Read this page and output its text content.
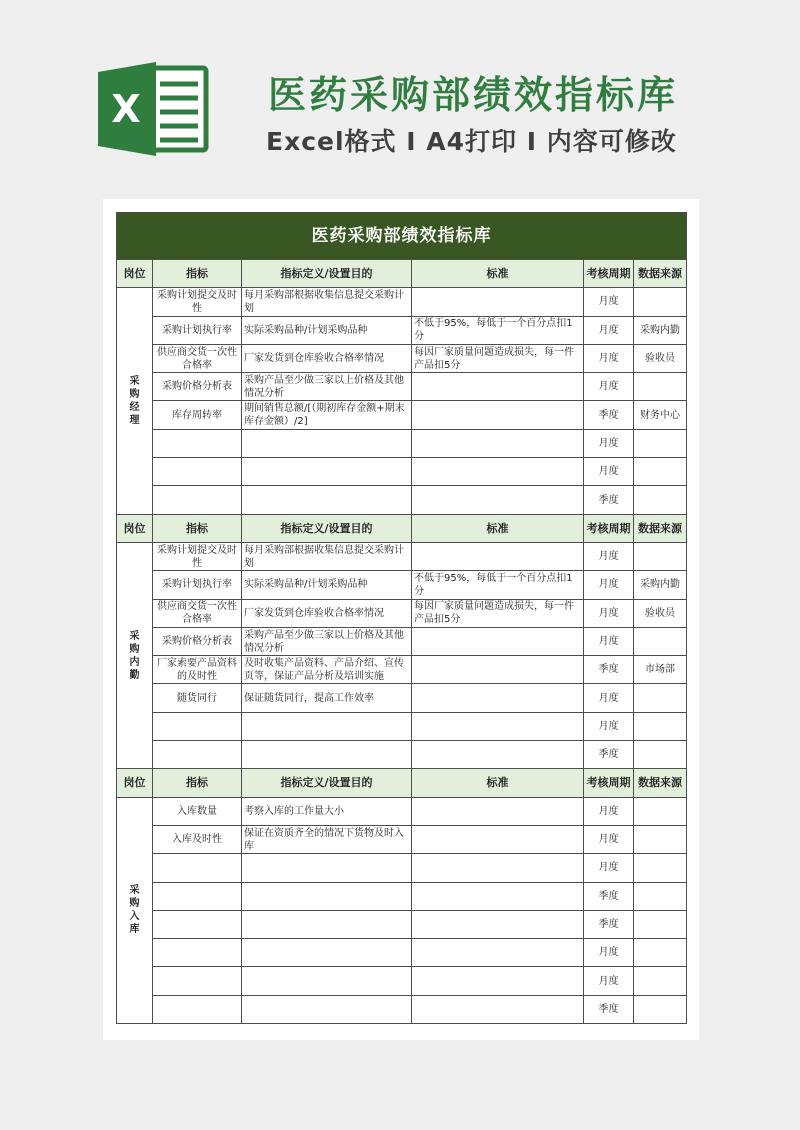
X	医药采购部绩效指标库
Excel格式 I A4打印 I 内容可修改
医药采购部绩效指标库					
岗位	指标	指标定义/设置目的	标准	考核周期	数据来源

采
购
经
理	采购计划提交及时性	每月采购部根据收集信息提交采购计划		月度	
	采购计划执行率	实际采购品种/计划采购品种	不低于95%，每低于一个百分点扣1分	月度	采购内勤
	供应商交货一次性合格率	厂家发货到仓库验收合格率情况	每因厂家质量问题造成损失，每一件产品扣5分	月度	验收员
	采购价格分析表	采购产品至少做三家以上价格及其他情况分析		月度	
	库存周转率	期间销售总额/[（期初库存金额+期末库存金额）/2]		季度	财务中心
				月度	
				月度	
				季度	
岗位	指标	指标定义/设置目的	标准	考核周期	数据来源

采
购
内
勤	采购计划提交及时性	每月采购部根据收集信息提交采购计划		月度	
	采购计划执行率	实际采购品种/计划采购品种	不低于95%，每低于一个百分点扣1分	月度	采购内勤
	供应商交货一次性合格率	厂家发货到仓库验收合格率情况	每因厂家质量问题造成损失，每一件产品扣5分	月度	验收员
	采购价格分析表	采购产品至少做三家以上价格及其他情况分析		月度	
	厂家索要产品资料的及时性	及时收集产品资料、产品介绍、宣传页等，保证产品分析及培训实施		季度	市场部
	随货同行	保证随货同行，提高工作效率		月度	
				月度	
				季度	
岗位	指标	指标定义/设置目的	标准	考核周期	数据来源

采
购
入
库	入库数量	考察入库的工作量大小		月度	
	入库及时性	保证在资质齐全的情况下货物及时入库		月度	
				月度	
				季度	
				季度	
				月度	
				月度	
				季度	
